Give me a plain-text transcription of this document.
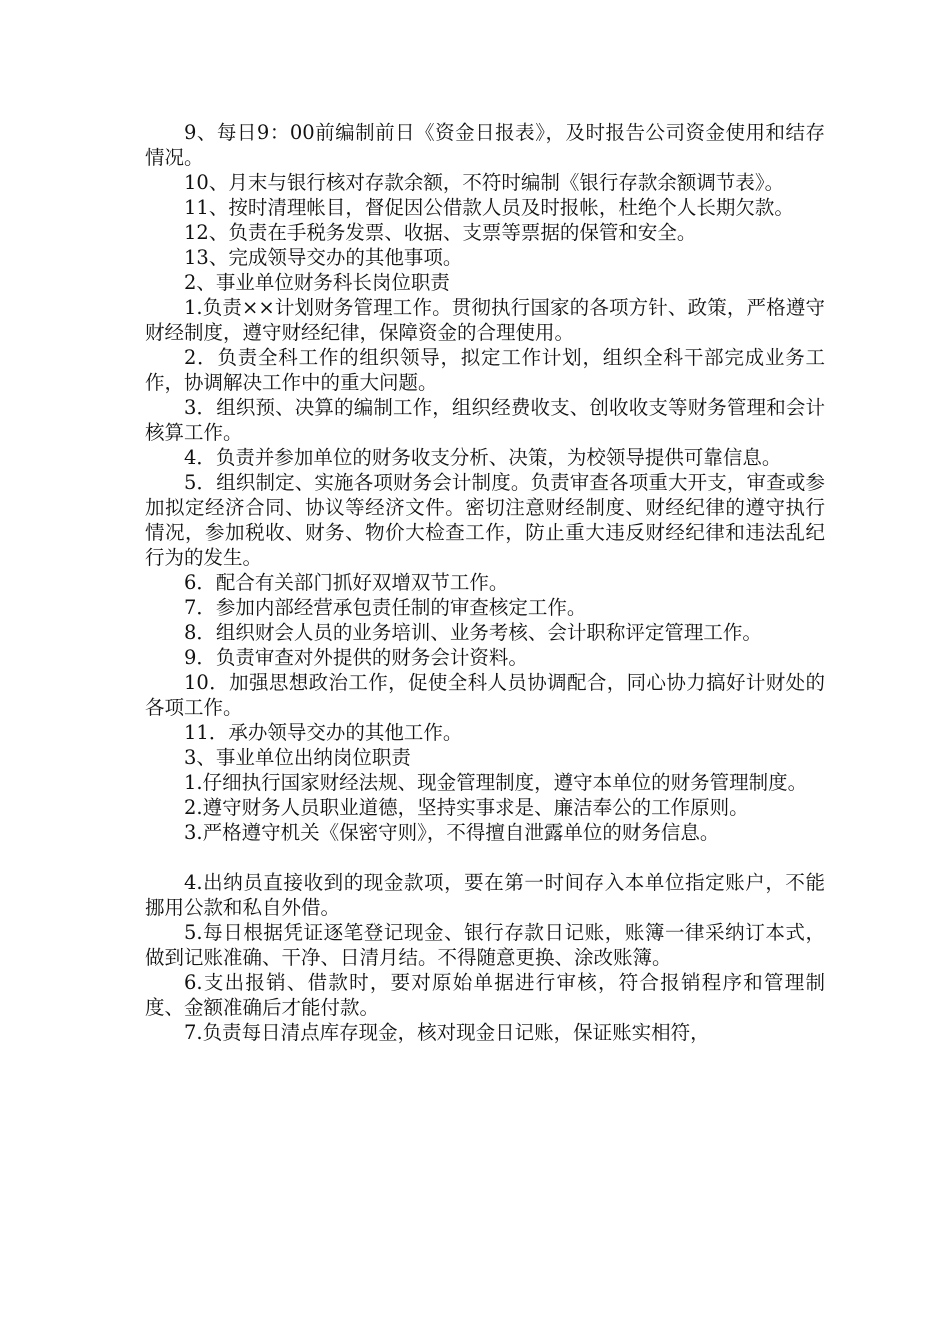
9、每日9：00前编制前日《资金日报表》，及时报告公司资金使用和结存情况。

10、月末与银行核对存款余额，不符时编制《银行存款余额调节表》。

11、按时清理帐目，督促因公借款人员及时报帐，杜绝个人长期欠款。

12、负责在手税务发票、收据、支票等票据的保管和安全。

13、完成领导交办的其他事项。

2、事业单位财务科长岗位职责

1.负责××计划财务管理工作。贯彻执行国家的各项方针、政策，严格遵守财经制度，遵守财经纪律，保障资金的合理使用。

2．负责全科工作的组织领导，拟定工作计划，组织全科干部完成业务工作，协调解决工作中的重大问题。

3．组织预、决算的编制工作，组织经费收支、创收收支等财务管理和会计核算工作。

4．负责并参加单位的财务收支分析、决策，为校领导提供可靠信息。

5．组织制定、实施各项财务会计制度。负责审查各项重大开支，审查或参加拟定经济合同、协议等经济文件。密切注意财经制度、财经纪律的遵守执行情况，参加税收、财务、物价大检查工作，防止重大违反财经纪律和违法乱纪行为的发生。

6．配合有关部门抓好双增双节工作。

7．参加内部经营承包责任制的审查核定工作。

8．组织财会人员的业务培训、业务考核、会计职称评定管理工作。

9．负责审查对外提供的财务会计资料。

10．加强思想政治工作，促使全科人员协调配合，同心协力搞好计财处的各项工作。

11．承办领导交办的其他工作。

3、事业单位出纳岗位职责

1.仔细执行国家财经法规、现金管理制度，遵守本单位的财务管理制度。

2.遵守财务人员职业道德，坚持实事求是、廉洁奉公的工作原则。

3.严格遵守机关《保密守则》，不得擅自泄露单位的财务信息。

4.出纳员直接收到的现金款项，要在第一时间存入本单位指定账户，不能挪用公款和私自外借。

5.每日根据凭证逐笔登记现金、银行存款日记账，账簿一律采纳订本式，做到记账准确、干净、日清月结。不得随意更换、涂改账簿。

6.支出报销、借款时，要对原始单据进行审核，符合报销程序和管理制度、金额准确后才能付款。

7.负责每日清点库存现金，核对现金日记账，保证账实相符，
